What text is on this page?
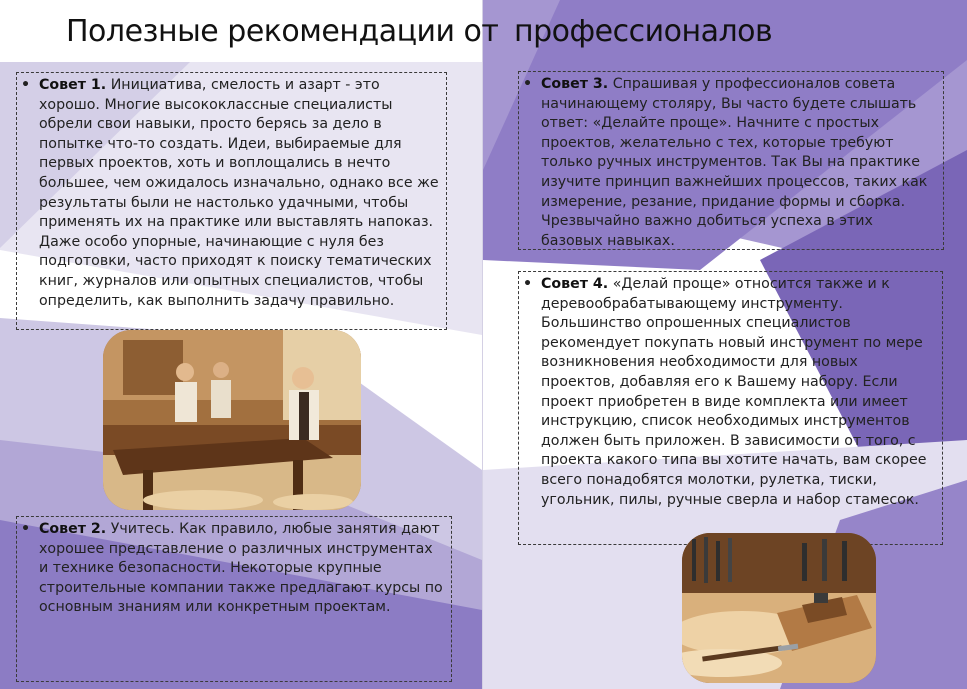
Полезные рекомендации от профессионалов
• Совет 1. Инициатива, смелость и азарт - это хорошо. Многие высококлассные специалисты обрели свои навыки, просто берясь за дело в попытке что-то создать. Идеи, выбираемые для первых проектов, хоть и воплощались в нечто большее, чем ожидалось изначально, однако все же результаты были не настолько удачными, чтобы применять их на практике или выставлять напоказ. Даже особо упорные, начинающие с нуля без подготовки, часто приходят к поиску тематических книг, журналов или опытных специалистов, чтобы определить, как выполнить задачу правильно.
• Совет 2. Учитесь. Как правило, любые занятия дают хорошее представление о различных инструментах и технике безопасности. Некоторые крупные строительные компании также предлагают курсы по основным знаниям или конкретным проектам.
• Совет 3. Спрашивая у профессионалов совета начинающему столяру, Вы часто будете слышать ответ: «Делайте проще». Начните с простых проектов, желательно с тех, которые требуют только ручных инструментов. Так Вы на практике изучите принцип важнейших процессов, таких как измерение, резание, придание формы и сборка. Чрезвычайно важно добиться успеха в этих базовых навыках.
• Совет 4. «Делай проще» относится также и к деревообрабатывающему инструменту. Большинство опрошенных специалистов рекомендует покупать новый инструмент по мере возникновения необходимости для новых проектов, добавляя его к Вашему набору. Если проект приобретен в виде комплекта или имеет инструкцию, список необходимых инструментов должен быть приложен. В зависимости от того, с проекта какого типа вы хотите начать, вам скорее всего понадобятся молотки, рулетка, тиски, угольник, пилы, ручные сверла и набор стамесок.
